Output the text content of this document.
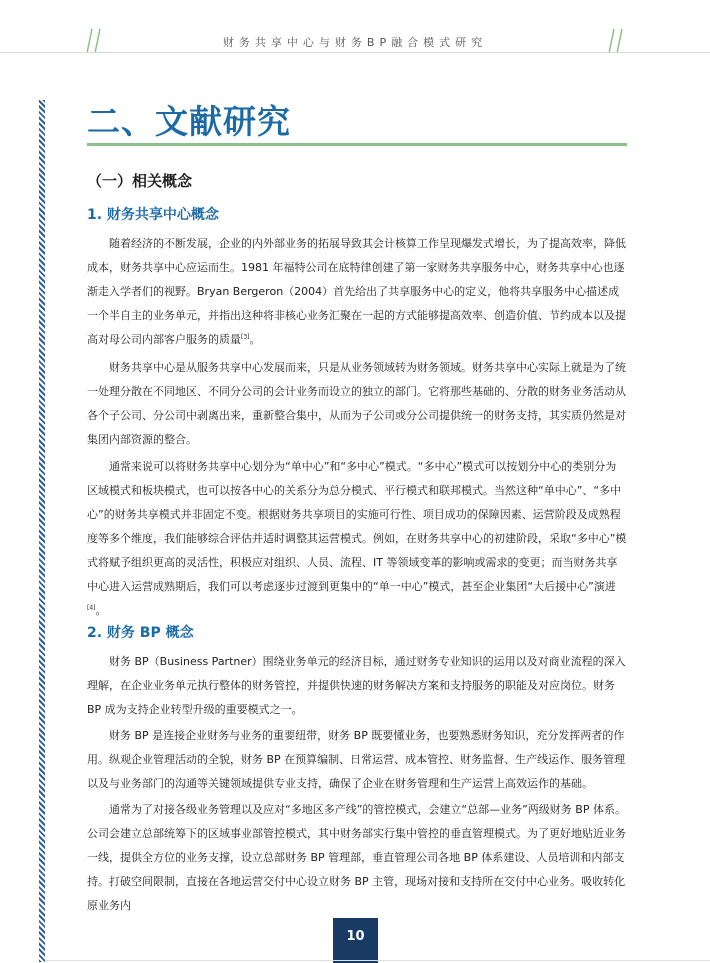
财务共享中心与财务BP融合模式研究
二、文献研究
（一）相关概念
1. 财务共享中心概念

随着经济的不断发展，企业的内外部业务的拓展导致其会计核算工作呈现爆发式增长，为了提高效率，降低成本，财务共享中心应运而生。1981 年福特公司在底特律创建了第一家财务共享服务中心，财务共享中心也逐渐走入学者们的视野。Bryan Bergeron（2004）首先给出了共享服务中心的定义，他将共享服务中心描述成一个半自主的业务单元，并指出这种将非核心业务汇聚在一起的方式能够提高效率、创造价值、节约成本以及提高对母公司内部客户服务的质量[3]。

财务共享中心是从服务共享中心发展而来，只是从业务领域转为财务领域。财务共享中心实际上就是为了统一处理分散在不同地区、不同分公司的会计业务而设立的独立的部门。它将那些基础的、分散的财务业务活动从各个子公司、分公司中剥离出来，重新整合集中，从而为子公司或分公司提供统一的财务支持，其实质仍然是对集团内部资源的整合。

通常来说可以将财务共享中心划分为“单中心”和“多中心”模式。“多中心”模式可以按划分中心的类别分为区域模式和板块模式，也可以按各中心的关系分为总分模式、平行模式和联邦模式。当然这种“单中心”、“多中心”的财务共享模式并非固定不变。根据财务共享项目的实施可行性、项目成功的保障因素、运营阶段及成熟程度等多个维度，我们能够综合评估并适时调整其运营模式。例如，在财务共享中心的初建阶段，采取“多中心”模式将赋予组织更高的灵活性，积极应对组织、人员、流程、IT 等领域变革的影响或需求的变更；而当财务共享中心进入运营成熟期后，我们可以考虑逐步过渡到更集中的“单一中心”模式，甚至企业集团“大后援中心”演进[4]。

2. 财务 BP 概念

财务 BP（Business Partner）围绕业务单元的经济目标，通过财务专业知识的运用以及对商业流程的深入理解，在企业业务单元执行整体的财务管控，并提供快速的财务解决方案和支持服务的职能及对应岗位。财务 BP 成为支持企业转型升级的重要模式之一。

财务 BP 是连接企业财务与业务的重要纽带，财务 BP 既要懂业务，也要熟悉财务知识，充分发挥两者的作用。纵观企业管理活动的全貌，财务 BP 在预算编制、日常运营、成本管控、财务监督、生产线运作、服务管理以及与业务部门的沟通等关键领域提供专业支持，确保了企业在财务管理和生产运营上高效运作的基础。

通常为了对接各级业务管理以及应对“多地区多产线”的管控模式，会建立“总部—业务”两级财务 BP 体系。公司会建立总部统筹下的区域事业部管控模式，其中财务部实行集中管控的垂直管理模式。为了更好地贴近业务一线，提供全方位的业务支撑，设立总部财务 BP 管理部，垂直管理公司各地 BP 体系建设、人员培训和内部支持。打破空间限制，直接在各地运营交付中心设立财务 BP 主管，现场对接和支持所在交付中心业务。吸收转化原业务内

10
